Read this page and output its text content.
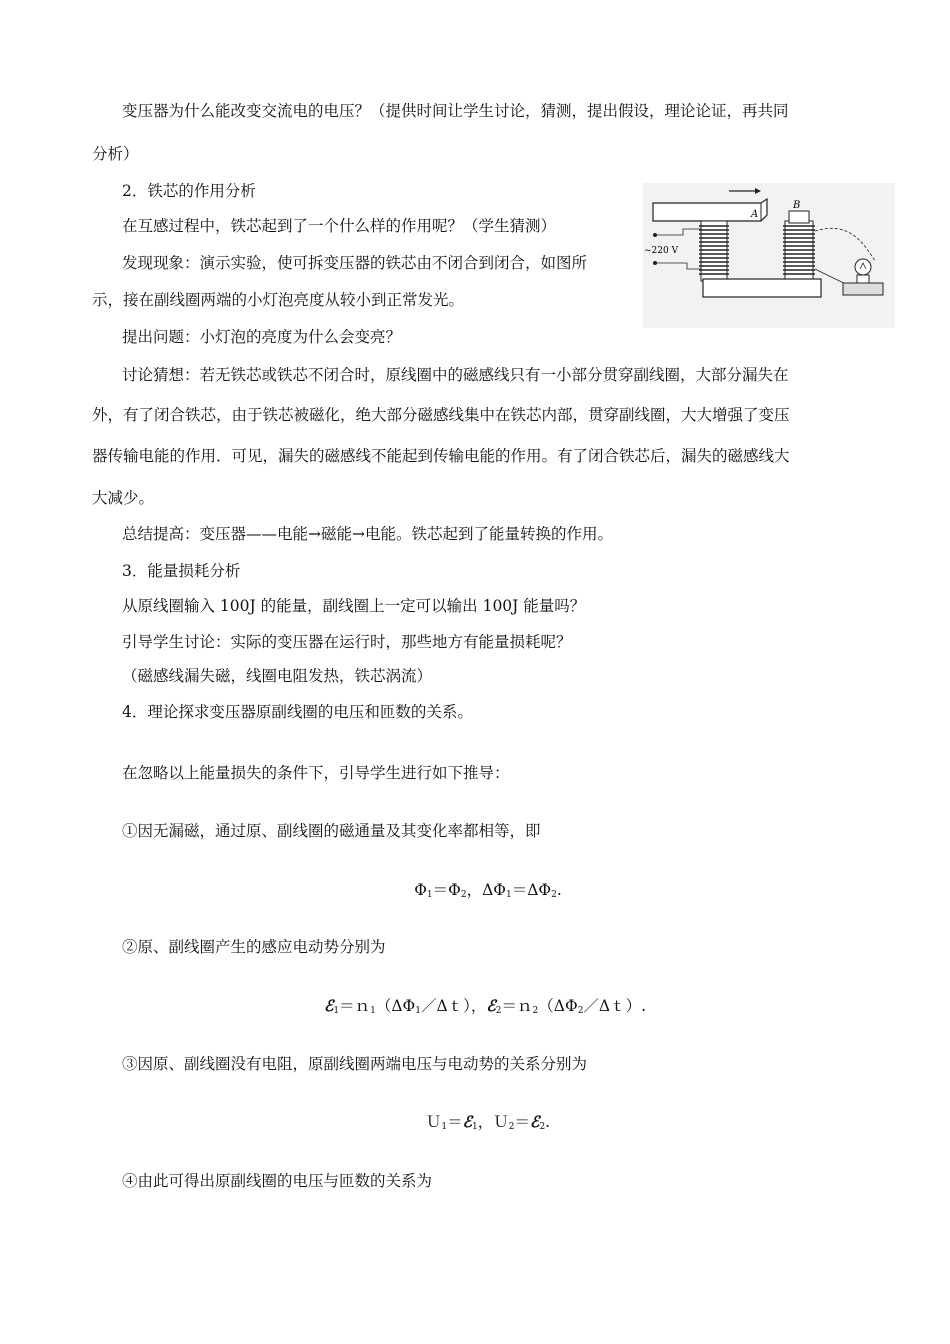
变压器为什么能改变交流电的电压？（提供时间让学生讨论，猜测，提出假设，理论论证，再共同
分析）
2．铁芯的作用分析
在互感过程中，铁芯起到了一个什么样的作用呢？（学生猜测）
发现现象：演示实验，使可拆变压器的铁芯由不闭合到闭合，如图所
示，接在副线圈两端的小灯泡亮度从较小到正常发光。
A
B
~220 V
提出问题：小灯泡的亮度为什么会变亮？
讨论猜想：若无铁芯或铁芯不闭合时，原线圈中的磁感线只有一小部分贯穿副线圈，大部分漏失在
外，有了闭合铁芯，由于铁芯被磁化，绝大部分磁感线集中在铁芯内部，贯穿副线圈，大大增强了变压
器传输电能的作用．可见，漏失的磁感线不能起到传输电能的作用。有了闭合铁芯后，漏失的磁感线大
大减少。
总结提高：变压器——电能→磁能→电能。铁芯起到了能量转换的作用。
3．能量损耗分析
从原线圈输入 100J 的能量，副线圈上一定可以输出 100J 能量吗？
引导学生讨论：实际的变压器在运行时，那些地方有能量损耗呢？
（磁感线漏失磁，线圈电阻发热，铁芯涡流）
4．理论探求变压器原副线圈的电压和匝数的关系。
在忽略以上能量损失的条件下，引导学生进行如下推导：
①因无漏磁，通过原、副线圈的磁通量及其变化率都相等，即
$\Phi_1=\Phi_2$，$\Delta\Phi_1=\Delta\Phi_2$.
②原、副线圈产生的感应电动势分别为
$ℰ_1=n_1(\Delta\Phi_1/\Delta t)$，$ℰ_2=n_2(\Delta\Phi_2/\Delta t)$.
③因原、副线圈没有电阻，原副线圈两端电压与电动势的关系分别为
Ｕ$_1$＝ℰ$_1$，Ｕ$_2$＝ℰ$_2$.
④由此可得出原副线圈的电压与匝数的关系为
